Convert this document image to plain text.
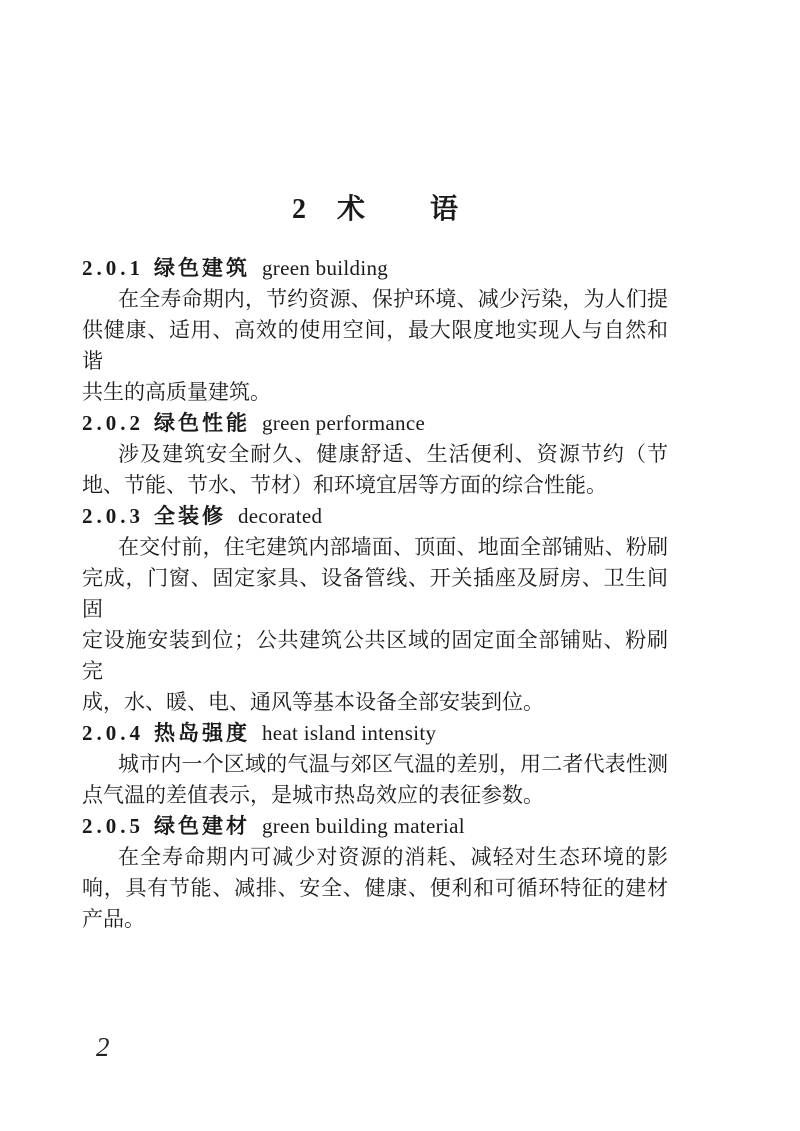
2 术 语
2.0.1 绿色建筑 green building
在全寿命期内，节约资源、保护环境、减少污染，为人们提
供健康、适用、高效的使用空间，最大限度地实现人与自然和谐
共生的高质量建筑。
2.0.2 绿色性能 green performance
涉及建筑安全耐久、健康舒适、生活便利、资源节约（节
地、节能、节水、节材）和环境宜居等方面的综合性能。
2.0.3 全装修 decorated
在交付前，住宅建筑内部墙面、顶面、地面全部铺贴、粉刷
完成，门窗、固定家具、设备管线、开关插座及厨房、卫生间固
定设施安装到位；公共建筑公共区域的固定面全部铺贴、粉刷完
成，水、暖、电、通风等基本设备全部安装到位。
2.0.4 热岛强度 heat island intensity
城市内一个区域的气温与郊区气温的差别，用二者代表性测
点气温的差值表示，是城市热岛效应的表征参数。
2.0.5 绿色建材 green building material
在全寿命期内可减少对资源的消耗、减轻对生态环境的影
响，具有节能、减排、安全、健康、便利和可循环特征的建材
产品。
2
